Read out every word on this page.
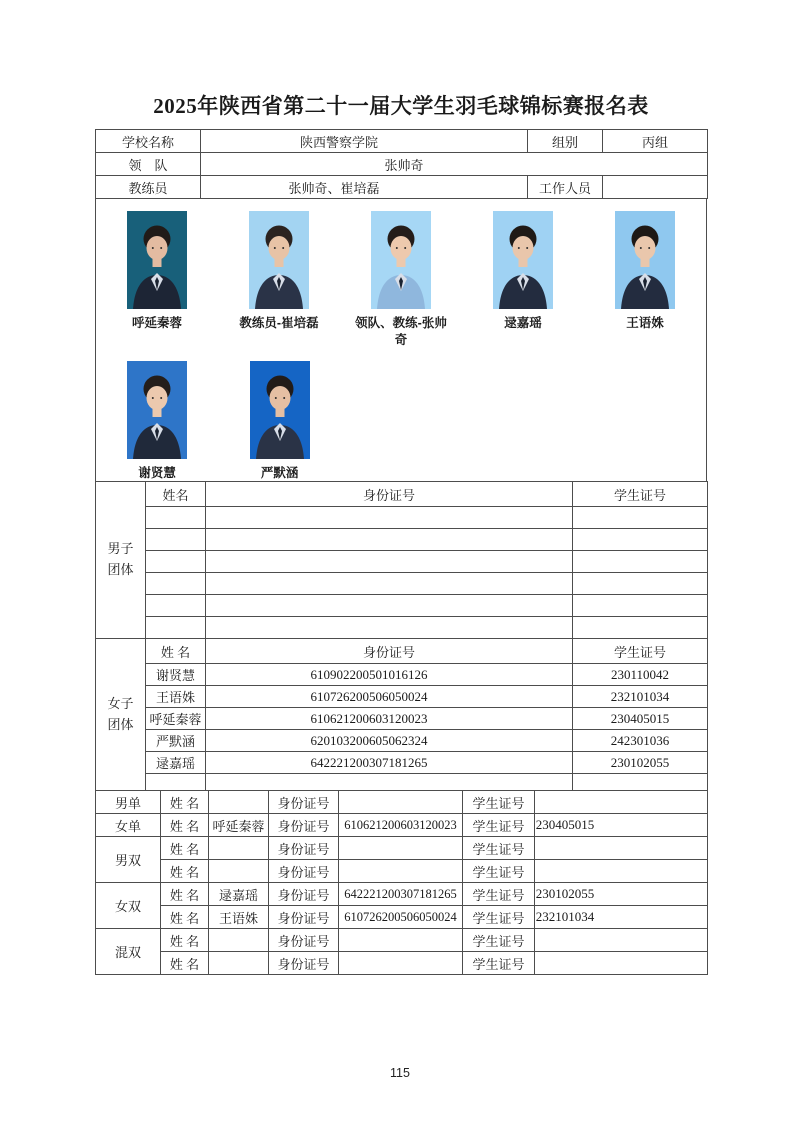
2025年陕西省第二十一届大学生羽毛球锦标赛报名表
学校名称	陕西警察学院	组别	丙组
领　队	张帅奇		
教练员	张帅奇、崔培磊	工作人员	
呼延秦蓉	教练员-崔培磊	领队、教练-张帅奇
逯嘉瑶	王语姝
谢贤慧	严默涵
男子
团体	姓名	身份证号	学生证号

女子
团体	姓 名	身份证号	学生证号
	谢贤慧	610902200501016126	230110042
	王语姝	610726200506050024	232101034
	呼延秦蓉	610621200603120023	230405015
	严默涵	620103200605062324	242301036
	逯嘉瑶	642221200307181265	230102055

男单	姓 名		身份证号		学生证号	
女单	姓 名	呼延秦蓉	身份证号	610621200603120023	学生证号	230405015
男双	姓 名		身份证号		学生证号	
	姓 名		身份证号		学生证号	
女双	姓 名	逯嘉瑶	身份证号	642221200307181265	学生证号	230102055
	姓 名	王语姝	身份证号	610726200506050024	学生证号	232101034
混双	姓 名		身份证号		学生证号	
	姓 名		身份证号		学生证号	
115
